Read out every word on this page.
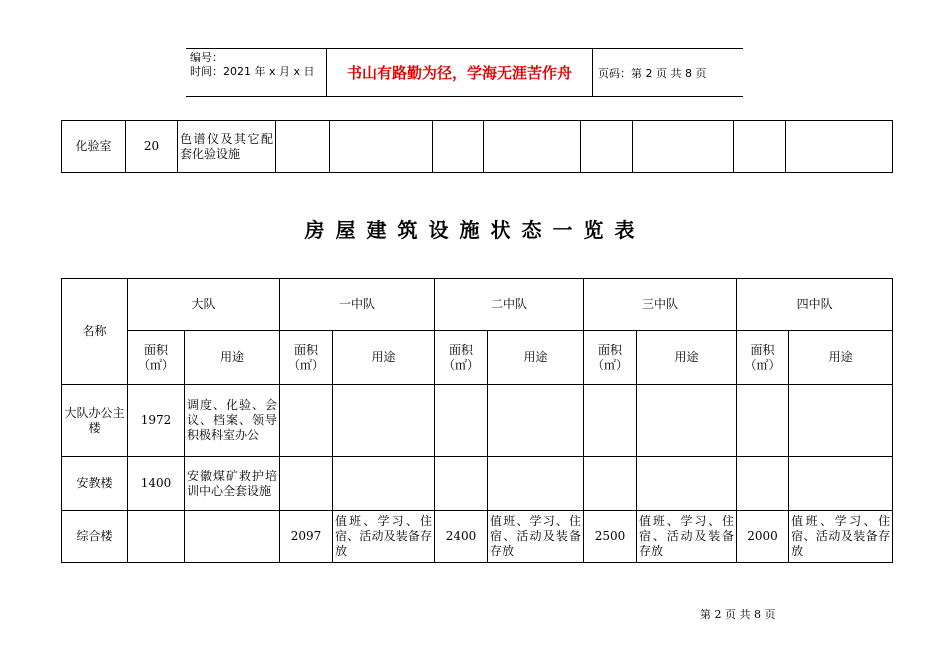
编号：
时间：2021 年 x 月 x 日	书山有路勤为径，学海无涯苦作舟	页码：第 2 页 共 8 页
化验室	20	色谱仪及其它配套化验设施								
房屋建筑设施状态一览表
名称	大队		一中队		二中队		三中队		四中队	
	面积（㎡）	用途	面积（㎡）	用途	面积（㎡）	用途	面积（㎡）	用途	面积（㎡）	用途
大队办公主楼	1972	调度、化验、会议、档案、领导积极科室办公								
安教楼	1400	安徽煤矿救护培训中心全套设施								
综合楼			2097	值班、学习、住宿、活动及装备存放	2400	值班、学习、住宿、活动及装备存放	2500	值班、学习、住宿、活动及装备存放	2000	值班、学习、住宿、活动及装备存放
第 2 页 共 8 页
